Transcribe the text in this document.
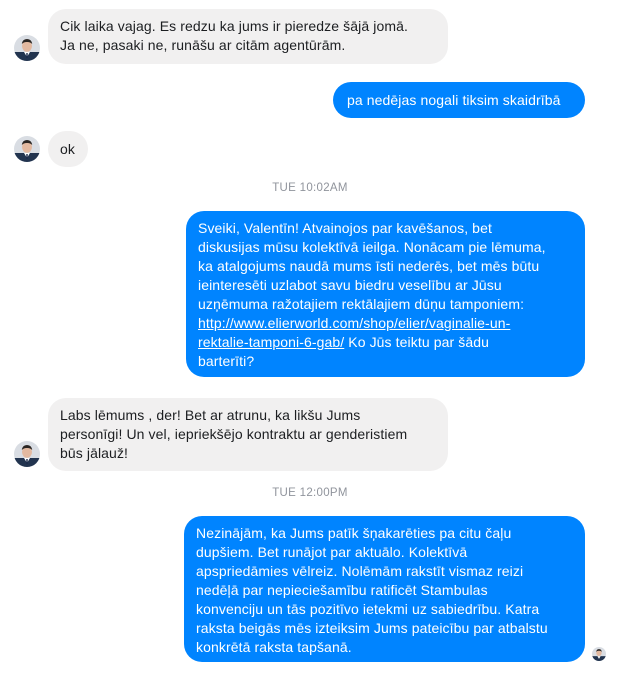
Cik laika vajag. Es redzu ka jums ir pieredze šājā jomā.
Ja ne, pasaki ne, runāšu ar citām agentūrām.
pa nedējas nogali tiksim skaidrībā
ok
TUE 10:02AM
Sveiki, Valentīn! Atvainojos par kavēšanos, bet
diskusijas mūsu kolektīvā ieilga. Nonācam pie lēmuma,
ka atalgojums naudā mums īsti nederēs, bet mēs būtu
ieinteresēti uzlabot savu biedru veselību ar Jūsu
uzņēmuma ražotajiem rektālajiem dūņu tamponiem:
http://www.elierworld.com/shop/elier/vaginalie-un-
rektalie-tamponi-6-gab/ Ko Jūs teiktu par šādu
barterīti?
Labs lēmums , der! Bet ar atrunu, ka likšu Jums
personīgi! Un vel, iepriekšējo kontraktu ar genderistiem
būs jālauž!
TUE 12:00PM
Nezinājām, ka Jums patīk šņakarēties pa citu čaļu
dupšiem. Bet runājot par aktuālo. Kolektīvā
apspriedāmies vēlreiz. Nolēmām rakstīt vismaz reizi
nedēļā par nepieciešamību ratificēt Stambulas
konvenciju un tās pozitīvo ietekmi uz sabiedrību. Katra
raksta beigās mēs izteiksim Jums pateicību par atbalstu
konkrētā raksta tapšanā.
